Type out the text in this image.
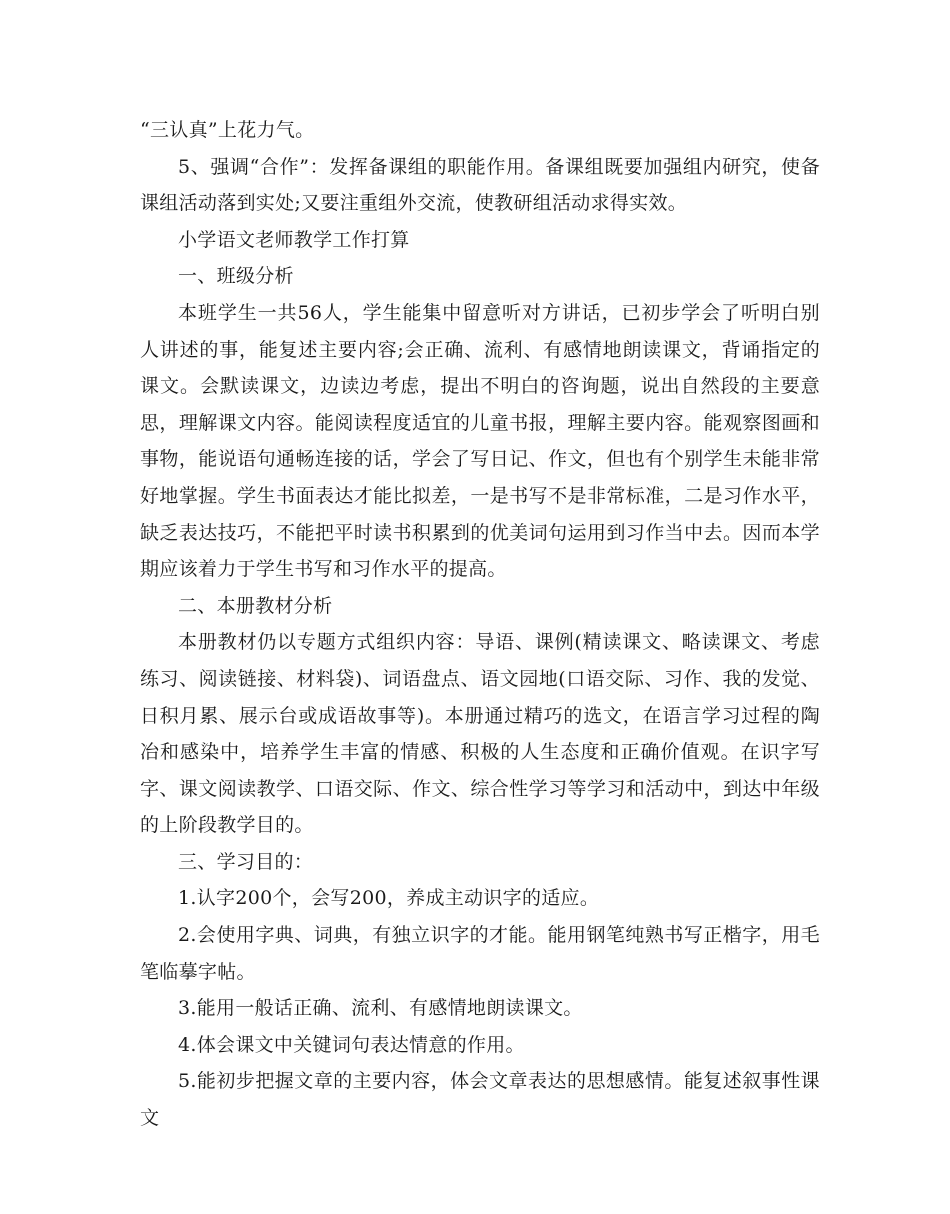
“三认真”上花力气。

5、强调“合作”：发挥备课组的职能作用。备课组既要加强组内研究，使备课组活动落到实处;又要注重组外交流，使教研组活动求得实效。

小学语文老师教学工作打算

一、班级分析

本班学生一共56人，学生能集中留意听对方讲话，已初步学会了听明白别人讲述的事，能复述主要内容;会正确、流利、有感情地朗读课文，背诵指定的课文。会默读课文，边读边考虑，提出不明白的咨询题，说出自然段的主要意思，理解课文内容。能阅读程度适宜的儿童书报，理解主要内容。能观察图画和事物，能说语句通畅连接的话，学会了写日记、作文，但也有个别学生未能非常好地掌握。学生书面表达才能比拟差，一是书写不是非常标准，二是习作水平，缺乏表达技巧，不能把平时读书积累到的优美词句运用到习作当中去。因而本学期应该着力于学生书写和习作水平的提高。

二、本册教材分析

本册教材仍以专题方式组织内容：导语、课例(精读课文、略读课文、考虑练习、阅读链接、材料袋)、词语盘点、语文园地(口语交际、习作、我的发觉、日积月累、展示台或成语故事等)。本册通过精巧的选文，在语言学习过程的陶冶和感染中，培养学生丰富的情感、积极的人生态度和正确价值观。在识字写字、课文阅读教学、口语交际、作文、综合性学习等学习和活动中，到达中年级的上阶段教学目的。

三、学习目的：

1.认字200个，会写200，养成主动识字的适应。

2.会使用字典、词典，有独立识字的才能。能用钢笔纯熟书写正楷字，用毛笔临摹字帖。

3.能用一般话正确、流利、有感情地朗读课文。

4.体会课文中关键词句表达情意的作用。

5.能初步把握文章的主要内容，体会文章表达的思想感情。能复述叙事性课文
